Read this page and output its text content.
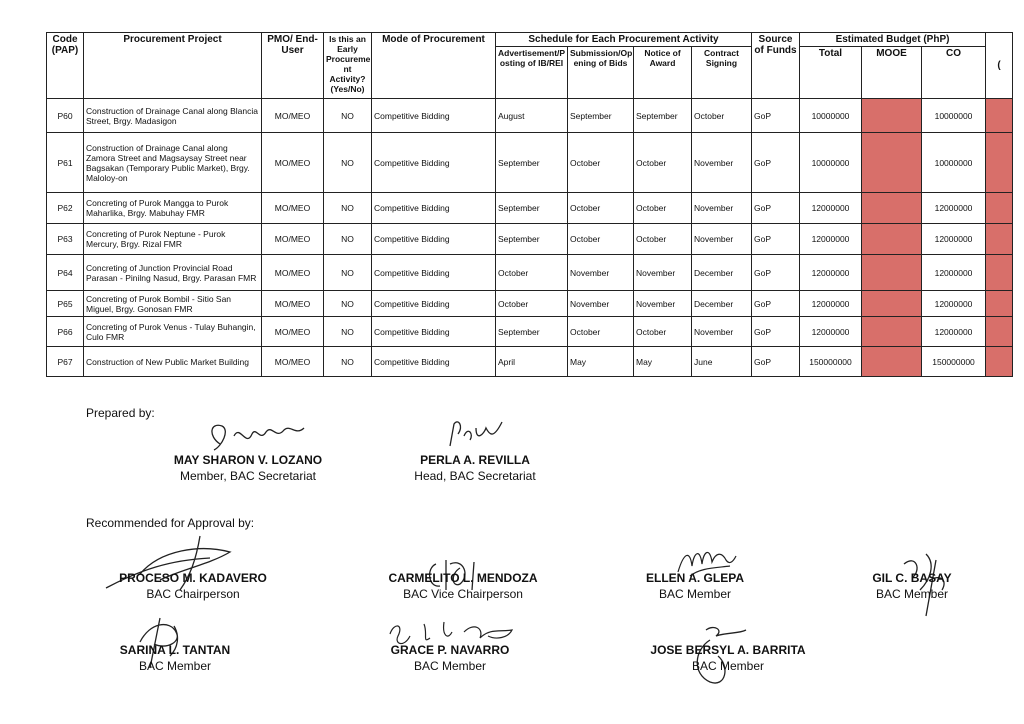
Code (PAP)	Procurement Project	PMO/ End-User	Is this an Early Procureme nt Activity? (Yes/No)	Mode of Procurement	Schedule for Each Procurement Activity				Source of Funds	Estimated Budget (PhP)			(
					Advertisement/P osting of IB/REI	Submission/Op ening of Bids	Notice of Award	Contract Signing		Total	MOOE	CO	
P60	Construction of Drainage Canal along Blancia Street, Brgy. Madasigon	MO/MEO	NO	Competitive Bidding	August	September	September	October	GoP	10000000		10000000	
P61	Construction of Drainage Canal along Zamora Street and Magsaysay Street near Bagsakan (Temporary Public Market), Brgy. Maloloy-on	MO/MEO	NO	Competitive Bidding	September	October	October	November	GoP	10000000		10000000	
P62	Concreting of Purok Mangga to Purok Maharlika, Brgy. Mabuhay FMR	MO/MEO	NO	Competitive Bidding	September	October	October	November	GoP	12000000		12000000	
P63	Concreting of Purok Neptune - Purok Mercury, Brgy. Rizal FMR	MO/MEO	NO	Competitive Bidding	September	October	October	November	GoP	12000000		12000000	
P64	Concreting of Junction Provincial Road Parasan - Pinilng Nasud, Brgy. Parasan FMR	MO/MEO	NO	Competitive Bidding	October	November	November	December	GoP	12000000		12000000	
P65	Concreting of Purok Bombil - Sitio San Miguel, Brgy. Gonosan FMR	MO/MEO	NO	Competitive Bidding	October	November	November	December	GoP	12000000		12000000	
P66	Concreting of Purok Venus - Tulay Buhangin, Culo FMR	MO/MEO	NO	Competitive Bidding	September	October	October	November	GoP	12000000		12000000	
P67	Construction of New Public Market Building	MO/MEO	NO	Competitive Bidding	April	May	May	June	GoP	150000000		150000000	
Prepared by:
MAY SHARON V. LOZANO
Member, BAC Secretariat
PERLA A. REVILLA
Head, BAC Secretariat
Recommended for Approval by:
PROCESO M. KADAVERO
BAC Chairperson
CARMELITO L. MENDOZA
BAC Vice Chairperson
ELLEN A. GLEPA
BAC Member
GIL C. BASAY
BAC Member
SARINA L. TANTAN
BAC Member
GRACE P. NAVARRO
BAC Member
JOSE BERSYL A. BARRITA
BAC Member
